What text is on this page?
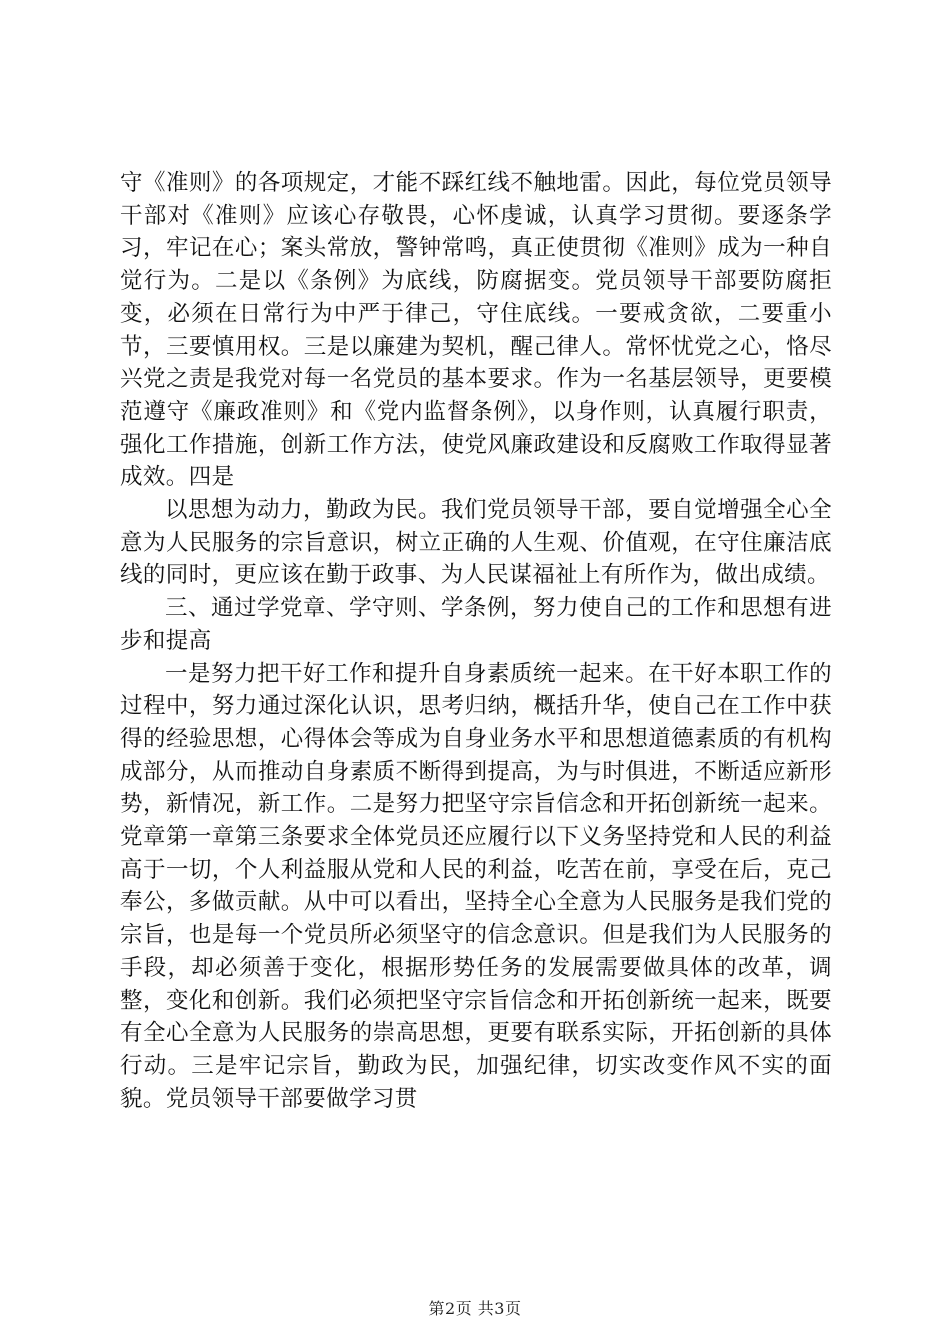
守《准则》的各项规定，才能不踩红线不触地雷。因此，每位党员领导干部对《准则》应该心存敬畏，心怀虔诚，认真学习贯彻。要逐条学习，牢记在心；案头常放，警钟常鸣，真正使贯彻《准则》成为一种自觉行为。二是以《条例》为底线，防腐据变。党员领导干部要防腐拒变，必须在日常行为中严于律己，守住底线。一要戒贪欲，二要重小节，三要慎用权。三是以廉建为契机，醒己律人。常怀忧党之心，恪尽兴党之责是我党对每一名党员的基本要求。作为一名基层领导，更要模范遵守《廉政准则》和《党内监督条例》，以身作则，认真履行职责，强化工作措施，创新工作方法，使党风廉政建设和反腐败工作取得显著成效。四是

以思想为动力，勤政为民。我们党员领导干部，要自觉增强全心全意为人民服务的宗旨意识，树立正确的人生观、价值观，在守住廉洁底线的同时，更应该在勤于政事、为人民谋福祉上有所作为，做出成绩。

三、通过学党章、学守则、学条例，努力使自己的工作和思想有进步和提高

一是努力把干好工作和提升自身素质统一起来。在干好本职工作的过程中，努力通过深化认识，思考归纳，概括升华，使自己在工作中获得的经验思想，心得体会等成为自身业务水平和思想道德素质的有机构成部分，从而推动自身素质不断得到提高，为与时俱进，不断适应新形势，新情况，新工作。二是努力把坚守宗旨信念和开拓创新统一起来。党章第一章第三条要求全体党员还应履行以下义务坚持党和人民的利益高于一切，个人利益服从党和人民的利益，吃苦在前，享受在后，克己奉公，多做贡献。从中可以看出，坚持全心全意为人民服务是我们党的宗旨，也是每一个党员所必须坚守的信念意识。但是我们为人民服务的手段，却必须善于变化，根据形势任务的发展需要做具体的改革，调整，变化和创新。我们必须把坚守宗旨信念和开拓创新统一起来，既要有全心全意为人民服务的崇高思想，更要有联系实际，开拓创新的具体行动。三是牢记宗旨，勤政为民，加强纪律，切实改变作风不实的面貌。党员领导干部要做学习贯

第2页 共3页
